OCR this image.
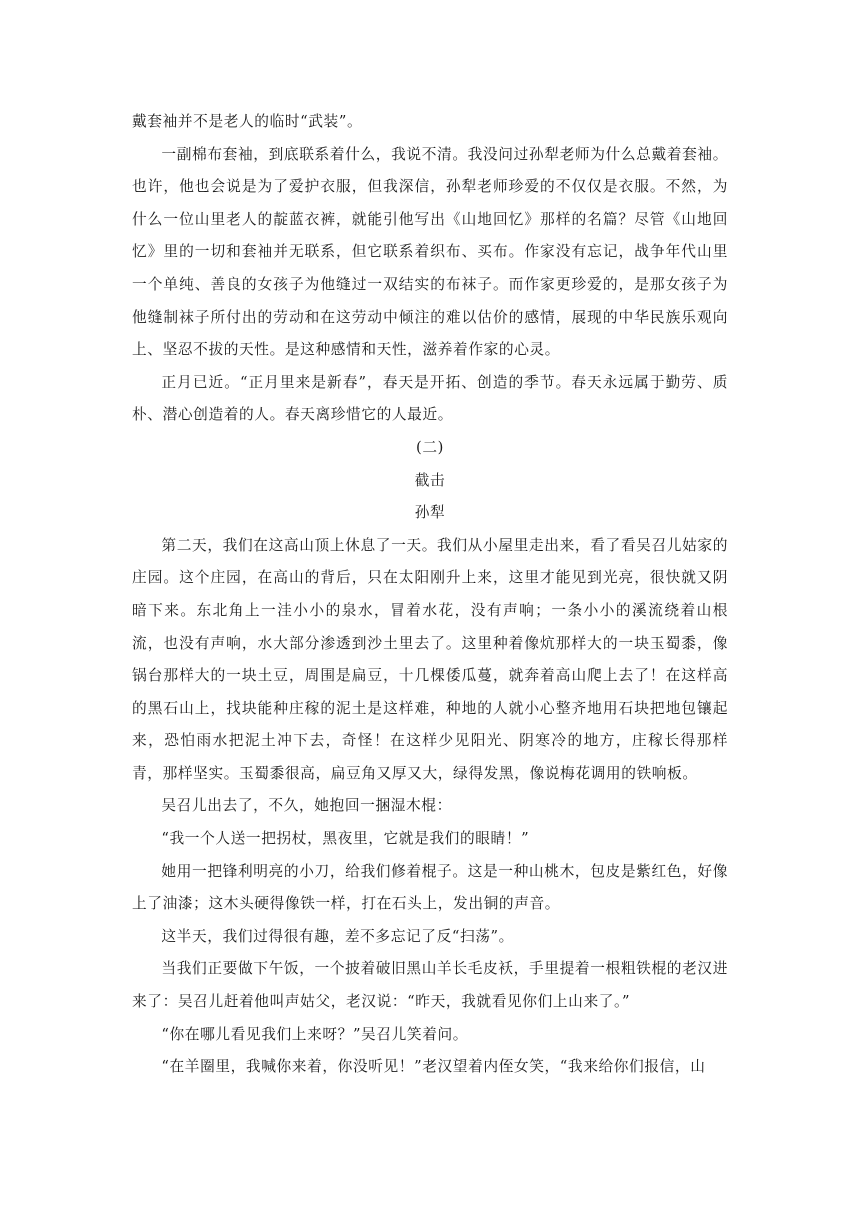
戴套袖并不是老人的临时“武装”。

一副棉布套袖，到底联系着什么，我说不清。我没问过孙犁老师为什么总戴着套袖。也许，他也会说是为了爱护衣服，但我深信，孙犁老师珍爱的不仅仅是衣服。不然，为什么一位山里老人的靛蓝衣裤，就能引他写出《山地回忆》那样的名篇？尽管《山地回忆》里的一切和套袖并无联系，但它联系着织布、买布。作家没有忘记，战争年代山里一个单纯、善良的女孩子为他缝过一双结实的布袜子。而作家更珍爱的，是那女孩子为他缝制袜子所付出的劳动和在这劳动中倾注的难以估价的感情，展现的中华民族乐观向上、坚忍不拔的天性。是这种感情和天性，滋养着作家的心灵。

正月已近。“正月里来是新春”，春天是开拓、创造的季节。春天永远属于勤劳、质朴、潜心创造着的人。春天离珍惜它的人最近。

(二)
截击
孙犁

第二天，我们在这高山顶上休息了一天。我们从小屋里走出来，看了看吴召儿姑家的庄园。这个庄园，在高山的背后，只在太阳刚升上来，这里才能见到光亮，很快就又阴暗下来。东北角上一洼小小的泉水，冒着水花，没有声响；一条小小的溪流绕着山根流，也没有声响，水大部分渗透到沙土里去了。这里种着像炕那样大的一块玉蜀黍，像锅台那样大的一块土豆，周围是扁豆，十几棵倭瓜蔓，就奔着高山爬上去了！在这样高的黑石山上，找块能种庄稼的泥土是这样难，种地的人就小心整齐地用石块把地包镶起来，恐怕雨水把泥土冲下去，奇怪！在这样少见阳光、阴寒冷的地方，庄稼长得那样青，那样坚实。玉蜀黍很高，扁豆角又厚又大，绿得发黑，像说梅花调用的铁响板。

吴召儿出去了，不久，她抱回一捆湿木棍：

“我一个人送一把拐杖，黑夜里，它就是我们的眼睛！”

她用一把锋利明亮的小刀，给我们修着棍子。这是一种山桃木，包皮是紫红色，好像上了油漆；这木头硬得像铁一样，打在石头上，发出铜的声音。

这半天，我们过得很有趣，差不多忘记了反“扫荡”。

当我们正要做下午饭，一个披着破旧黑山羊长毛皮袄，手里提着一根粗铁棍的老汉进来了：吴召儿赶着他叫声姑父，老汉说：“昨天，我就看见你们上山来了。”

“你在哪儿看见我们上来呀？”吴召儿笑着问。

“在羊圈里，我喊你来着，你没听见！”老汉望着内侄女笑，“我来给你们报信，山
